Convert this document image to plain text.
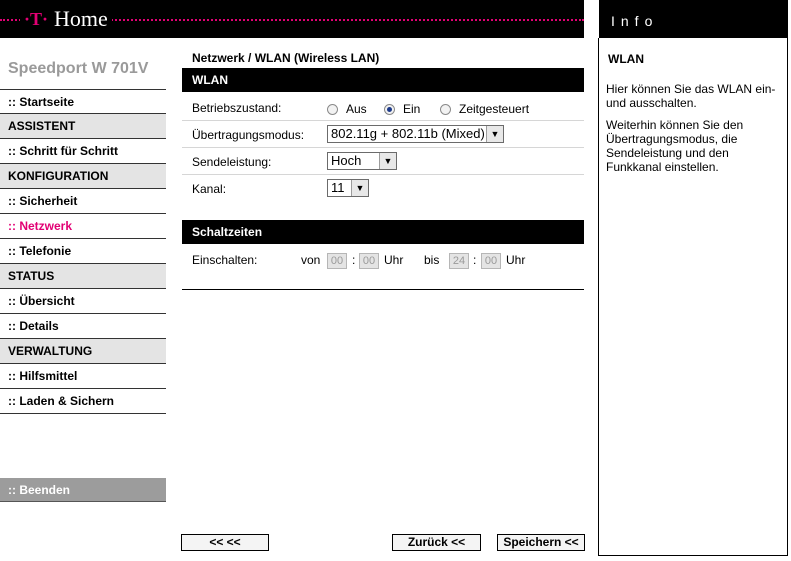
·T· Home	Info
Speedport W 701V
:: Startseite
ASSISTENT
:: Schritt für Schritt
KONFIGURATION
:: Sicherheit
:: Netzwerk
:: Telefonie
STATUS
:: Übersicht
:: Details
VERWALTUNG
:: Hilfsmittel
:: Laden & Sichern
:: Beenden
Netzwerk / WLAN (Wireless LAN)
WLAN
Betriebszustand:	Aus	Ein	Zeitgesteuert
Übertragungsmodus:	802.11g + 802.11b (Mixed) ▼
Sendeleistung:	Hoch	▼
Kanal:	11	▼
Schaltzeiten
Einschalten:	von 00 : 00 Uhr bis	24 : 00 Uhr
<< <<	Zurück <<	Speichern <<
WLAN
Hier können Sie das WLAN ein- und ausschalten.
Weiterhin können Sie den Übertragungsmodus, die Sendeleistung und den Funkkanal einstellen.
